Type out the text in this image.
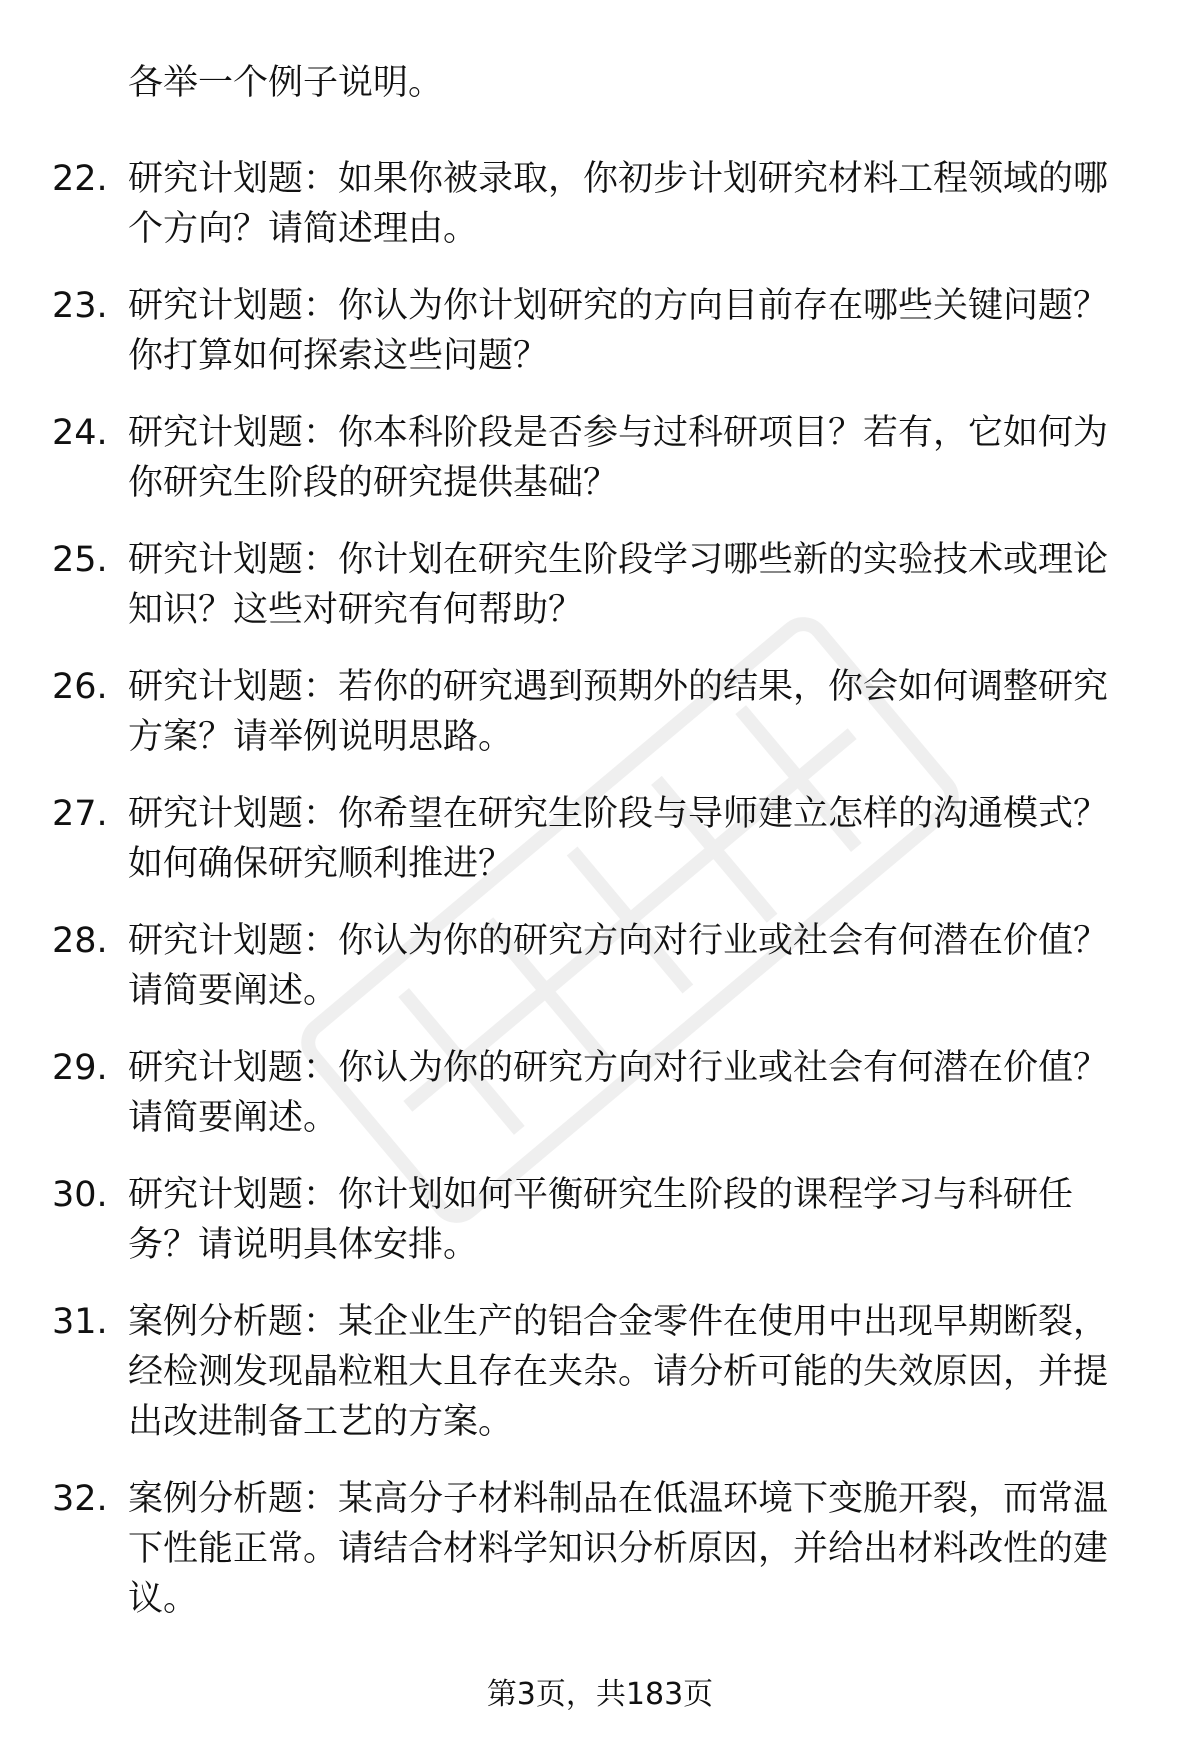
各举一个例子说明。
22. 研究计划题：如果你被录取，你初步计划研究材料工程领域的哪
个方向？请简述理由。
23. 研究计划题：你认为你计划研究的方向目前存在哪些关键问题？
你打算如何探索这些问题？
24. 研究计划题：你本科阶段是否参与过科研项目？若有，它如何为
你研究生阶段的研究提供基础？
25. 研究计划题：你计划在研究生阶段学习哪些新的实验技术或理论
知识？这些对研究有何帮助？
26. 研究计划题：若你的研究遇到预期外的结果，你会如何调整研究
方案？请举例说明思路。
27. 研究计划题：你希望在研究生阶段与导师建立怎样的沟通模式？
如何确保研究顺利推进？
28. 研究计划题：你认为你的研究方向对行业或社会有何潜在价值？
请简要阐述。
29. 研究计划题：你认为你的研究方向对行业或社会有何潜在价值？
请简要阐述。
30. 研究计划题：你计划如何平衡研究生阶段的课程学习与科研任
务？请说明具体安排。
31. 案例分析题：某企业生产的铝合金零件在使用中出现早期断裂，
经检测发现晶粒粗大且存在夹杂。请分析可能的失效原因，并提
出改进制备工艺的方案。
32. 案例分析题：某高分子材料制品在低温环境下变脆开裂，而常温
下性能正常。请结合材料学知识分析原因，并给出材料改性的建
议。
第3页，共183页
